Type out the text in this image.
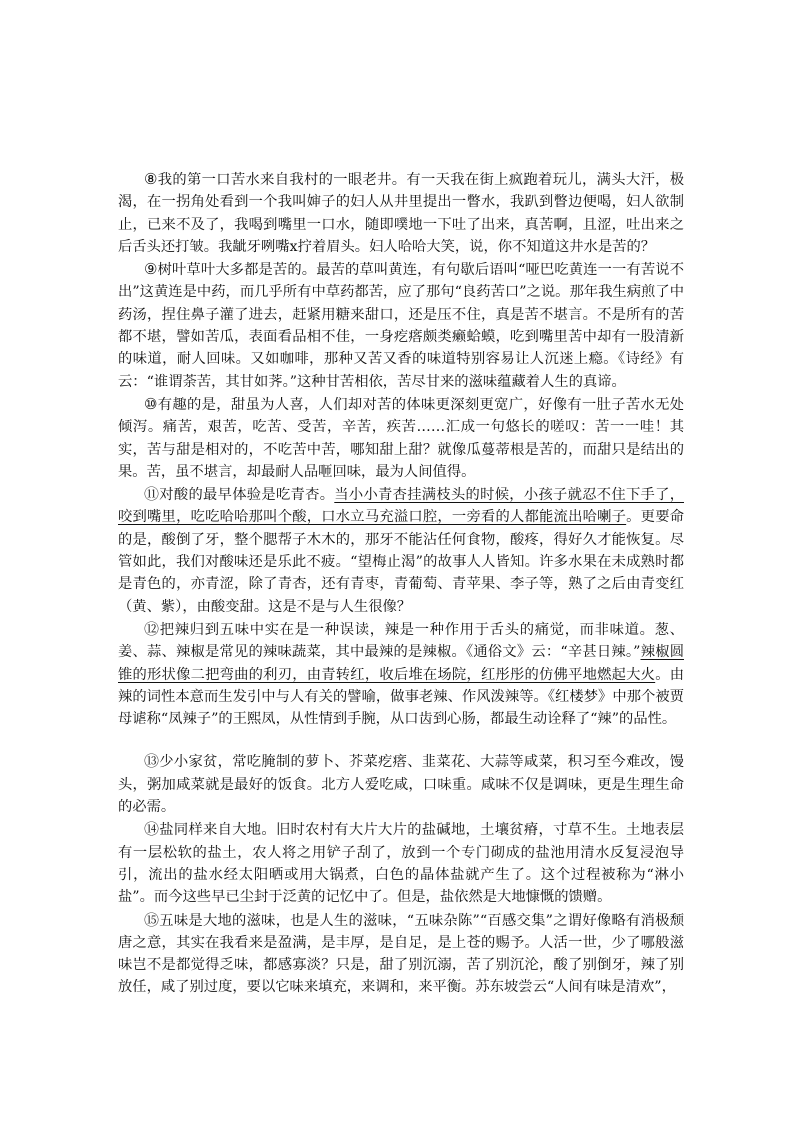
⑧我的第一口苦水来自我村的一眼老井。有一天我在街上疯跑着玩儿，满头大汗，极渴，在一拐角处看到一个我叫婶子的妇人从井里提出一瞥水，我趴到瞥边便喝，妇人欲制止，已来不及了，我喝到嘴里一口水，随即噗地一下吐了出来，真苦啊，且涩，吐出来之后舌头还打皱。我龇牙咧嘴ⅹ拧着眉头。妇人哈哈大笑，说，你不知道这井水是苦的？

⑨树叶草叶大多都是苦的。最苦的草叫黄连，有句歇后语叫“哑巴吃黄连一一有苦说不出”这黄连是中药，而几乎所有中草药都苦，应了那句“良药苦口”之说。那年我生病煎了中药汤，捏住鼻子灌了进去，赶紧用糖来甜口，还是压不住，真是苦不堪言。不是所有的苦都不堪，譬如苦瓜，表面看品相不佳，一身疙瘩颇类癞蛤蟆，吃到嘴里苦中却有一股清新的味道，耐人回味。又如咖啡，那种又苦又香的味道特别容易让人沉迷上瘾。《诗经》有云：“谁谓荼苦，其甘如荠。”这种甘苦相依，苦尽甘来的滋味蕴藏着人生的真谛。

⑩有趣的是，甜虽为人喜，人们却对苦的体味更深刻更宽广，好像有一肚子苦水无处倾泻。痛苦，艰苦，吃苦、受苦，辛苦，疾苦……汇成一句悠长的嗟叹：苦一一哇！其实，苦与甜是相对的，不吃苦中苦，哪知甜上甜？就像瓜蔓蒂根是苦的，而甜只是结出的果。苦，虽不堪言，却最耐人品咂回味，最为人间值得。

⑪对酸的最早体验是吃青杏。当小小青杏挂满枝头的时候，小孩子就忍不住下手了，咬到嘴里，吃吃哈哈那叫个酸，口水立马充溢口腔，一旁看的人都能流出哈喇子。更要命的是，酸倒了牙，整个腮帮子木木的，那牙不能沾任何食物，酸疼，得好久才能恢复。尽管如此，我们对酸味还是乐此不疲。“望梅止渴”的故事人人皆知。许多水果在未成熟时都是青色的，亦青涩，除了青杏，还有青枣，青葡萄、青苹果、李子等，熟了之后由青变红（黄、紫），由酸变甜。这是不是与人生很像？

⑫把辣归到五味中实在是一种误读，辣是一种作用于舌头的痛觉，而非味道。葱、姜、蒜、辣椒是常见的辣味蔬菜，其中最辣的是辣椒。《通俗文》云：“辛甚日辣。”辣椒圆锥的形状像二把弯曲的利刃，由青转红，收后堆在场院，红彤彤的仿佛平地燃起大火。由辣的词性本意而生发引中与人有关的譬喻，做事老辣、作风泼辣等。《红楼梦》中那个被贾母谑称“凤辣子”的王熙凤，从性情到手腕，从口齿到心肠，都最生动诠释了“辣”的品性。

⑬少小家贫，常吃腌制的萝卜、芥菜疙瘩、韭菜花、大蒜等咸菜，积习至今难改，馒头，粥加咸菜就是最好的饭食。北方人爱吃咸，口味重。咸味不仅是调味，更是生理生命的必需。

⑭盐同样来自大地。旧时农村有大片大片的盐碱地，土壤贫瘠，寸草不生。土地表层有一层松软的盐土，农人将之用铲子刮了，放到一个专门砌成的盐池用清水反复浸泡导引，流出的盐水经太阳晒或用大锅煮，白色的晶体盐就产生了。这个过程被称为“淋小盐”。而今这些早已尘封于泛黄的记忆中了。但是，盐依然是大地慷慨的馈赠。

⑮五味是大地的滋味，也是人生的滋味，“五味杂陈”“百感交集”之谓好像略有消极颓唐之意，其实在我看来是盈满，是丰厚，是自足，是上苍的赐予。人活一世，少了哪般滋味岂不是都觉得乏味，都感寡淡？只是，甜了别沉溺，苦了别沉沦，酸了别倒牙，辣了别放任，咸了别过度，要以它味来填充，来调和，来平衡。苏东坡尝云“人间有味是清欢”，
